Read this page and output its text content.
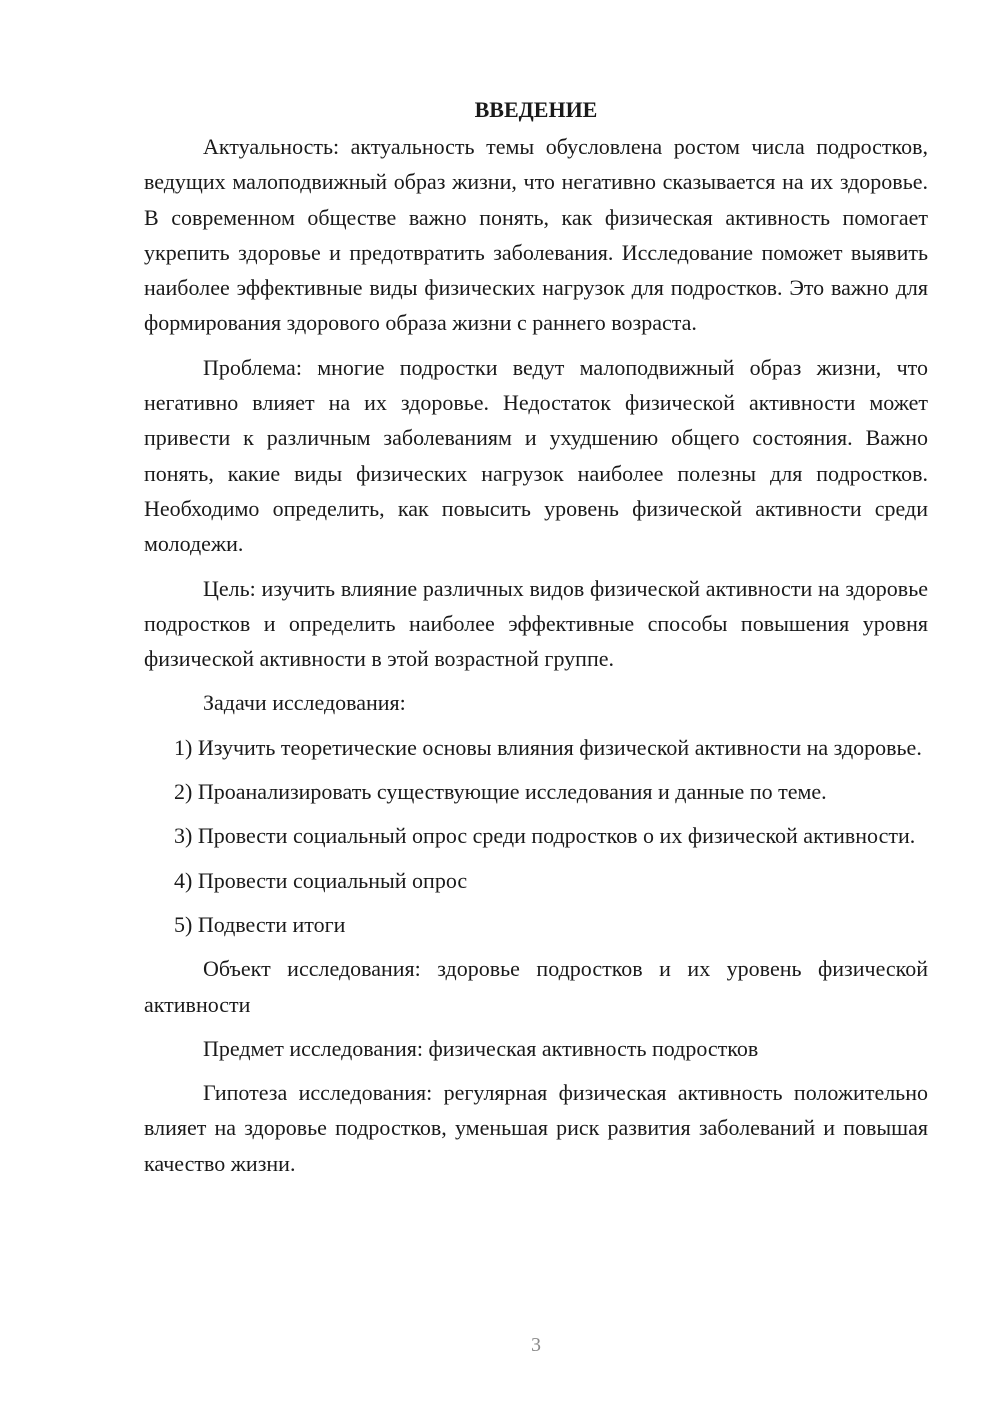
ВВЕДЕНИЕ

Актуальность: актуальность темы обусловлена ростом числа подростков, ведущих малоподвижный образ жизни, что негативно сказывается на их здоровье. В современном обществе важно понять, как физическая активность помогает укрепить здоровье и предотвратить заболевания. Исследование поможет выявить наиболее эффективные виды физических нагрузок для подростков. Это важно для формирования здорового образа жизни с раннего возраста.

Проблема: многие подростки ведут малоподвижный образ жизни, что негативно влияет на их здоровье. Недостаток физической активности может привести к различным заболеваниям и ухудшению общего состояния. Важно понять, какие виды физических нагрузок наиболее полезны для подростков. Необходимо определить, как повысить уровень физической активности среди молодежи.

Цель: изучить влияние различных видов физической активности на здоровье подростков и определить наиболее эффективные способы повышения уровня физической активности в этой возрастной группе.

Задачи исследования:

1) Изучить теоретические основы влияния физической активности на здоровье.

2) Проанализировать существующие исследования и данные по теме.

3) Провести социальный опрос среди подростков о их физической активности.

4) Провести социальный опрос

5) Подвести итоги

Объект исследования: здоровье подростков и их уровень физической активности

Предмет исследования: физическая активность подростков

Гипотеза исследования: регулярная физическая активность положительно влияет на здоровье подростков, уменьшая риск развития заболеваний и повышая качество жизни.

3
